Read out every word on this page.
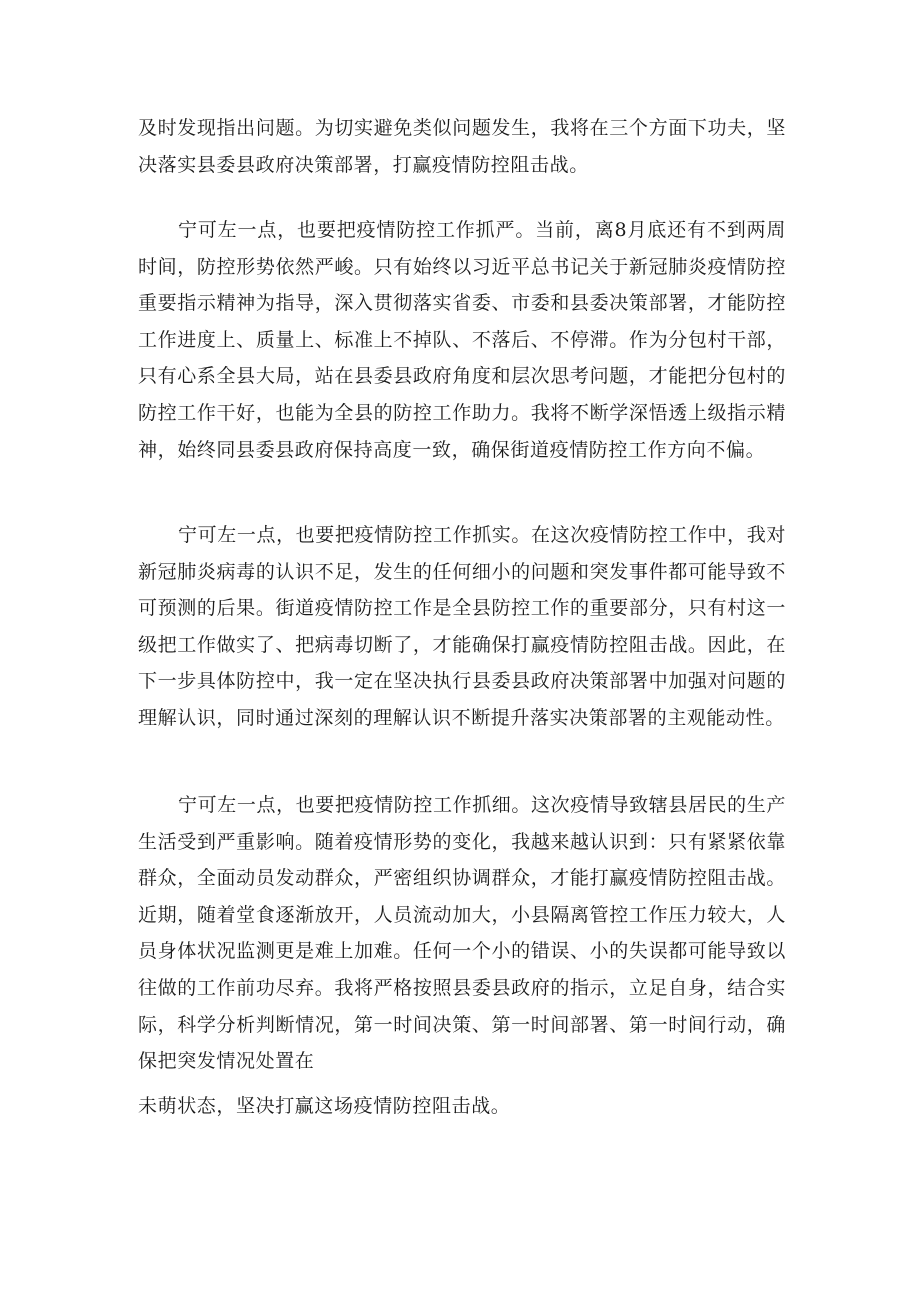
及时发现指出问题。为切实避免类似问题发生，我将在三个方面下功夫，坚决落实县委县政府决策部署，打赢疫情防控阻击战。

宁可左一点，也要把疫情防控工作抓严。当前，离8月底还有不到两周时间，防控形势依然严峻。只有始终以习近平总书记关于新冠肺炎疫情防控重要指示精神为指导，深入贯彻落实省委、市委和县委决策部署，才能防控工作进度上、质量上、标准上不掉队、不落后、不停滞。作为分包村干部，只有心系全县大局，站在县委县政府角度和层次思考问题，才能把分包村的防控工作干好，也能为全县的防控工作助力。我将不断学深悟透上级指示精神，始终同县委县政府保持高度一致，确保街道疫情防控工作方向不偏。

宁可左一点，也要把疫情防控工作抓实。在这次疫情防控工作中，我对新冠肺炎病毒的认识不足，发生的任何细小的问题和突发事件都可能导致不可预测的后果。街道疫情防控工作是全县防控工作的重要部分，只有村这一级把工作做实了、把病毒切断了，才能确保打赢疫情防控阻击战。因此，在下一步具体防控中，我一定在坚决执行县委县政府决策部署中加强对问题的理解认识，同时通过深刻的理解认识不断提升落实决策部署的主观能动性。

宁可左一点，也要把疫情防控工作抓细。这次疫情导致辖县居民的生产生活受到严重影响。随着疫情形势的变化，我越来越认识到：只有紧紧依靠群众，全面动员发动群众，严密组织协调群众，才能打赢疫情防控阻击战。近期，随着堂食逐渐放开，人员流动加大，小县隔离管控工作压力较大，人员身体状况监测更是难上加难。任何一个小的错误、小的失误都可能导致以往做的工作前功尽弃。我将严格按照县委县政府的指示，立足自身，结合实际，科学分析判断情况，第一时间决策、第一时间部署、第一时间行动，确保把突发情况处置在

未萌状态，坚决打赢这场疫情防控阻击战。
